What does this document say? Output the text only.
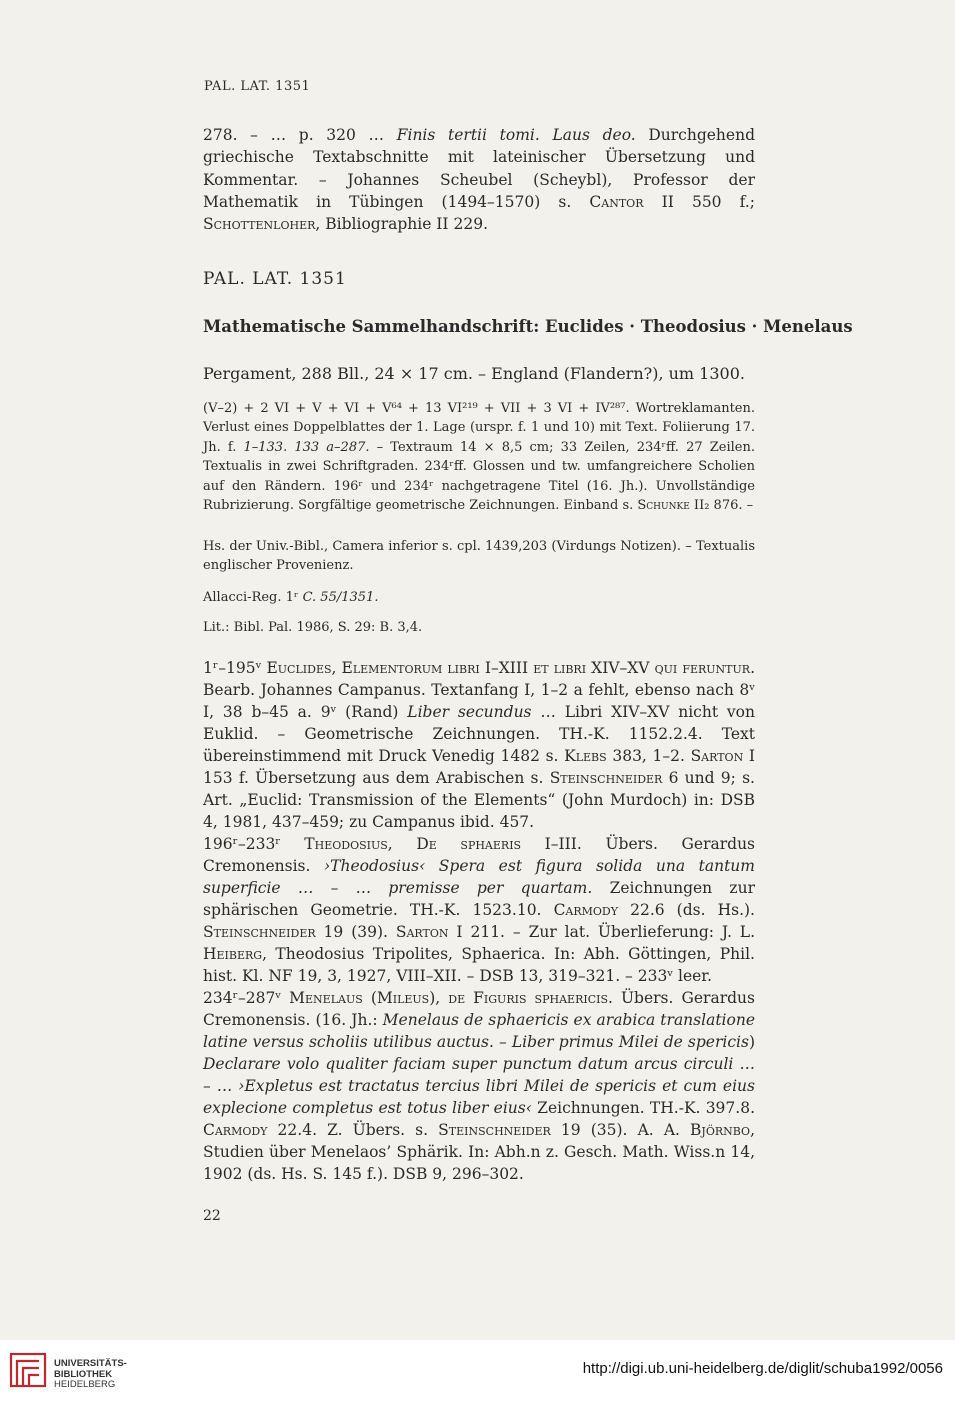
PAL. LAT. 1351

278. – … p. 320 … Finis tertii tomi. Laus deo. Durchgehend griechische Textabschnitte mit lateinischer Übersetzung und Kommentar. – Johannes Scheubel (Scheybl), Professor der Mathematik in Tübingen (1494–1570) s. Cantor II 550 f.; Schottenloher, Bibliographie II 229.

PAL. LAT. 1351
Mathematische Sammelhandschrift: Euclides · Theodosius · Menelaus
Pergament, 288 Bll., 24 × 17 cm. – England (Flandern?), um 1300.

(V–2) + 2 VI + V + VI + V⁶⁴ + 13 VI²¹⁹ + VII + 3 VI + IV²⁸⁷. Wortreklamanten. Verlust eines Doppelblattes der 1. Lage (urspr. f. 1 und 10) mit Text. Foliierung 17. Jh. f. 1–133. 133 a–287. – Textraum 14 × 8,5 cm; 33 Zeilen, 234ʳff. 27 Zeilen. Textualis in zwei Schriftgraden. 234ʳff. Glossen und tw. umfangreichere Scholien auf den Rändern. 196ʳ und 234ʳ nachgetragene Titel (16. Jh.). Unvollständige Rubrizierung. Sorgfältige geometrische Zeichnungen. Einband s. Schunke II₂ 876. –

Hs. der Univ.-Bibl., Camera inferior s. cpl. 1439,203 (Virdungs Notizen). – Textualis englischer Provenienz.

Allacci-Reg. 1ʳ C. 55/1351.
Lit.: Bibl. Pal. 1986, S. 29: B. 3,4.

1ʳ–195ᵛ Euclides, Elementorum libri I–XIII et libri XIV–XV qui feruntur. Bearb. Johannes Campanus. Textanfang I, 1–2 a fehlt, ebenso nach 8ᵛ I, 38 b–45 a. 9ᵛ (Rand) Liber secundus … Libri XIV–XV nicht von Euklid. – Geometrische Zeichnungen. TH.-K. 1152.2.4. Text übereinstimmend mit Druck Venedig 1482 s. Klebs 383, 1–2. Sarton I 153 f. Übersetzung aus dem Arabischen s. Steinschneider 6 und 9; s. Art. „Euclid: Transmission of the Elements“ (John Murdoch) in: DSB 4, 1981, 437–459; zu Campanus ibid. 457.

196ʳ–233ʳ Theodosius, De sphaeris I–III. Übers. Gerardus Cremonensis. ›Theodosius‹ Spera est figura solida una tantum superficie … – … premisse per quartam. Zeichnungen zur sphärischen Geometrie. TH.-K. 1523.10. Carmody 22.6 (ds. Hs.). Steinschneider 19 (39). Sarton I 211. – Zur lat. Überlieferung: J. L. Heiberg, Theodosius Tripolites, Sphaerica. In: Abh. Göttingen, Phil. hist. Kl. NF 19, 3, 1927, VIII–XII. – DSB 13, 319–321. – 233ᵛ leer.

234ʳ–287ᵛ Menelaus (Mileus), de Figuris sphaericis. Übers. Gerardus Cremonensis. (16. Jh.: Menelaus de sphaericis ex arabica translatione latine versus scholiis utilibus auctus. – Liber primus Milei de spericis) Declarare volo qualiter faciam super punctum datum arcus circuli … – … ›Expletus est tractatus tercius libri Milei de spericis et cum eius explecione completus est totus liber eius‹ Zeichnungen. TH.-K. 397.8. Carmody 22.4. Z. Übers. s. Steinschneider 19 (35). A. A. Björnbo, Studien über Menelaos’ Sphärik. In: Abh.n z. Gesch. Math. Wiss.n 14, 1902 (ds. Hs. S. 145 f.). DSB 9, 296–302.

22
UNIVERSITÄTS-
BIBLIOTHEK
HEIDELBERG
http://digi.ub.uni-heidelberg.de/diglit/schuba1992/0056
